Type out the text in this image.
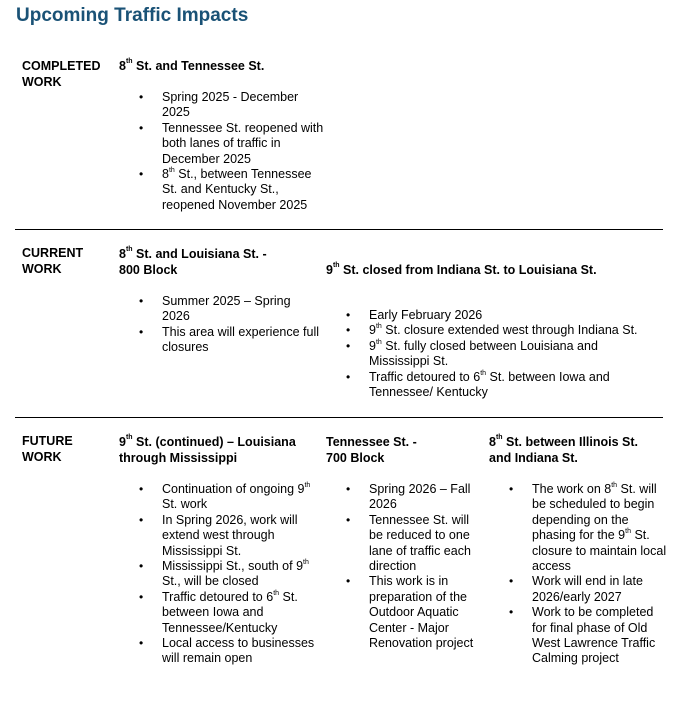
Upcoming Traffic Impacts
COMPLETED
WORK
8th St. and Tennessee St.
• Spring 2025 - December 2025
• Tennessee St. reopened with both lanes of traffic in December 2025
• 8th St., between Tennessee St. and Kentucky St., reopened November 2025
CURRENT
WORK
8th St. and Louisiana St. -
800 Block
• Summer 2025 – Spring 2026
• This area will experience full closures
9th St. closed from Indiana St. to Louisiana St.
• Early February 2026
• 9th St. closure extended west through Indiana St.
• 9th St. fully closed between Louisiana and Mississippi St.
• Traffic detoured to 6th St. between Iowa and Tennessee/ Kentucky
FUTURE
WORK
9th St. (continued) – Louisiana
through Mississippi
• Continuation of ongoing 9th St. work
• In Spring 2026, work will extend west through Mississippi St.
• Mississippi St., south of 9th St., will be closed
• Traffic detoured to 6th St. between Iowa and Tennessee/Kentucky
• Local access to businesses will remain open
Tennessee St. -
700 Block
• Spring 2026 – Fall 2026
• Tennessee St. will be reduced to one lane of traffic each direction
• This work is in preparation of the Outdoor Aquatic Center - Major Renovation project
8th St. between Illinois St.
and Indiana St.
• The work on 8th St. will be scheduled to begin depending on the phasing for the 9th St. closure to maintain local access
• Work will end in late 2026/early 2027
• Work to be completed for final phase of Old West Lawrence Traffic Calming project
